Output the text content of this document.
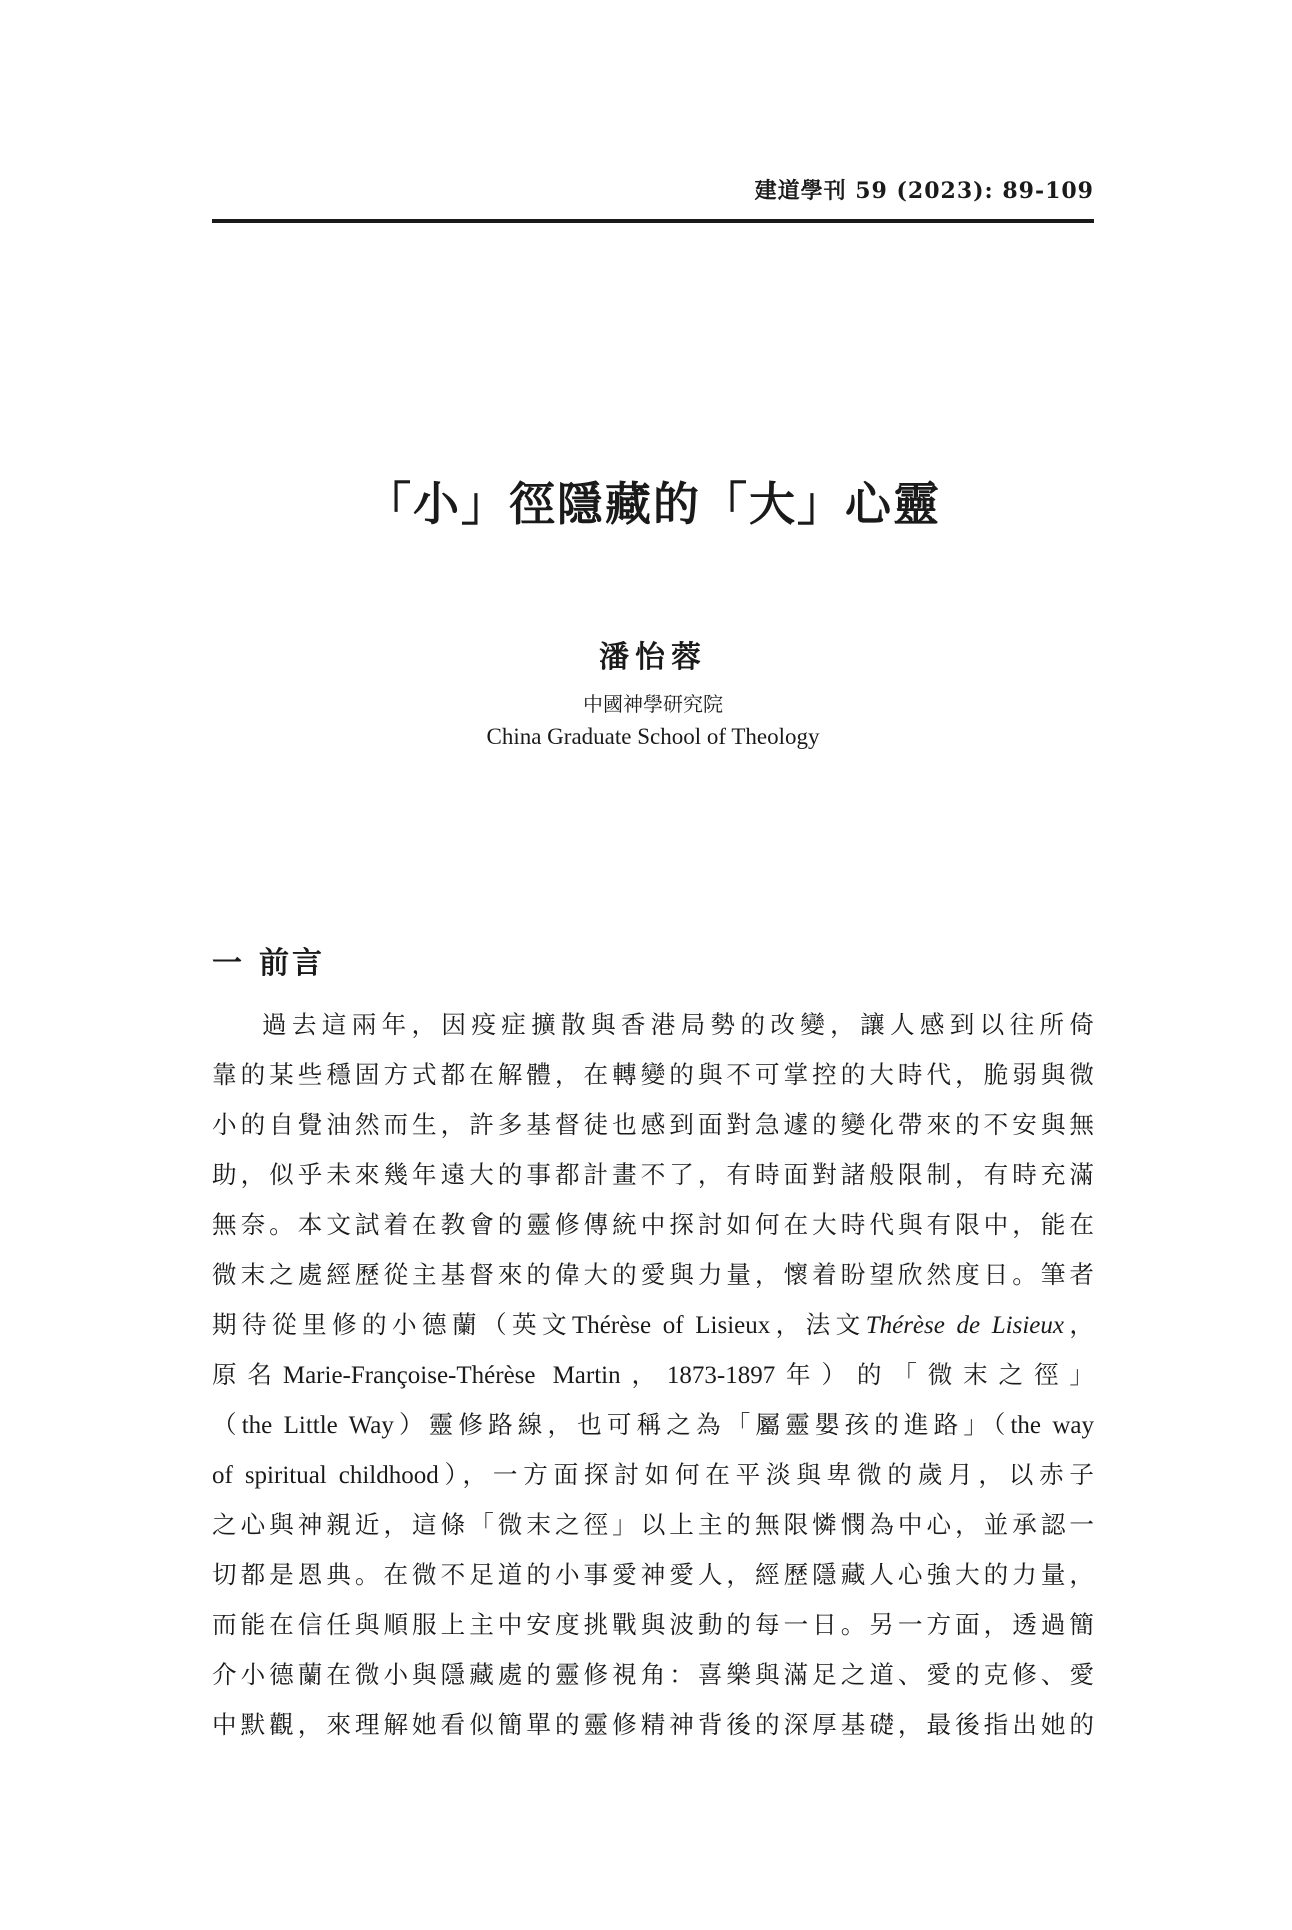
建道學刊 59 (2023): 89-109
「小」徑隱藏的「大」心靈
潘怡蓉
中國神學研究院
China Graduate School of Theology
一 前言
過去這兩年，因疫症擴散與香港局勢的改變，讓人感到以往所倚
靠的某些穩固方式都在解體，在轉變的與不可掌控的大時代，脆弱與微
小的自覺油然而生，許多基督徒也感到面對急遽的變化帶來的不安與無
助，似乎未來幾年遠大的事都計畫不了，有時面對諸般限制，有時充滿
無奈。本文試着在教會的靈修傳統中探討如何在大時代與有限中，能在
微末之處經歷從主基督來的偉大的愛與力量，懷着盼望欣然度日。筆者
期待從里修的小德蘭（英文Thérèse of Lisieux，法文Thérèse de Lisieux，
原名Marie-Françoise-Thérèse Martin，1873-1897年）的「微末之徑」
（the Little Way）靈修路線，也可稱之為「屬靈嬰孩的進路」（the way
of spiritual childhood），一方面探討如何在平淡與卑微的歲月，以赤子
之心與神親近，這條「微末之徑」以上主的無限憐憫為中心，並承認一
切都是恩典。在微不足道的小事愛神愛人，經歷隱藏人心強大的力量，
而能在信任與順服上主中安度挑戰與波動的每一日。另一方面，透過簡
介小德蘭在微小與隱藏處的靈修視角：喜樂與滿足之道、愛的克修、愛
中默觀，來理解她看似簡單的靈修精神背後的深厚基礎，最後指出她的
